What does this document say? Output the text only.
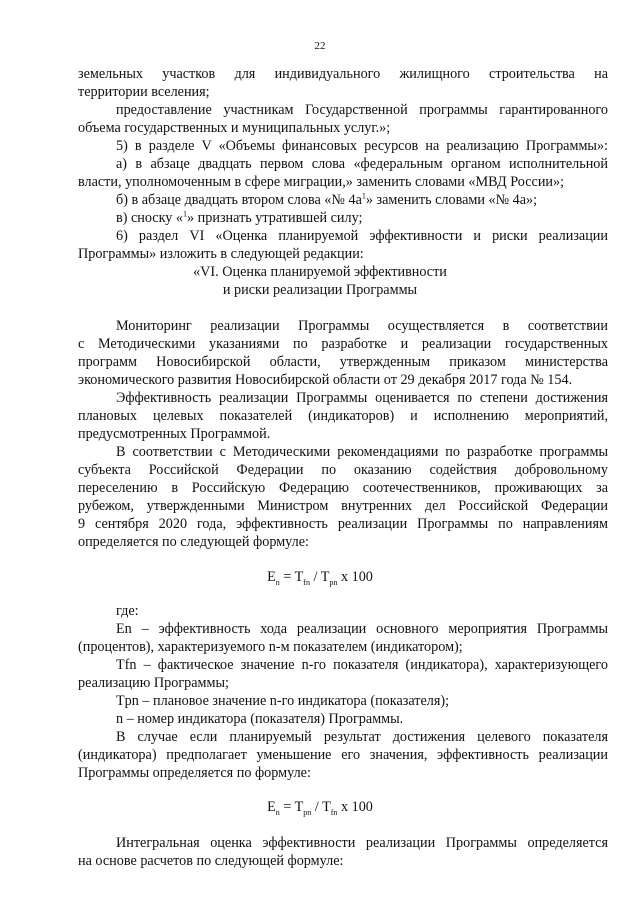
22
земельных участков для индивидуального жилищного строительства на
территории вселения;
предоставление участникам Государственной программы гарантированного
объема государственных и муниципальных услуг.»;
5) в разделе V «Объемы финансовых ресурсов на реализацию Программы»:
а) в абзаце двадцать первом слова «федеральным органом исполнительной
власти, уполномоченным в сфере миграции,» заменить словами «МВД России»;
б) в абзаце двадцать втором слова «№ $4а^1$» заменить словами «№ 4а»;
в) сноску «$^1$» признать утратившей силу;
6) раздел VI «Оценка планируемой эффективности и риски реализации
Программы» изложить в следующей редакции:
«VI. Оценка планируемой эффективности
и риски реализации Программы
Мониторинг реализации Программы осуществляется в соответствии
с Методическими указаниями по разработке и реализации государственных
программ Новосибирской области, утвержденным приказом министерства
экономического развития Новосибирской области от 29 декабря 2017 года № 154.
Эффективность реализации Программы оценивается по степени достижения
плановых целевых показателей (индикаторов) и исполнению мероприятий,
предусмотренных Программой.
В соответствии с Методическими рекомендациями по разработке программы
субъекта Российской Федерации по оказанию содействия добровольному
переселению в Российскую Федерацию соотечественников, проживающих за
рубежом, утвержденными Министром внутренних дел Российской Федерации
9 сентября 2020 года, эффективность реализации Программы по направлениям
определяется по следующей формуле:
$E_n = T_{fn} / T_{pn}$ x 100
где:
Еn – эффективность хода реализации основного мероприятия Программы
(процентов), характеризуемого n-м показателем (индикатором);
Тfn – фактическое значение n-го показателя (индикатора), характеризующего
реализацию Программы;
Тpn – плановое значение n-го индикатора (показателя);
n – номер индикатора (показателя) Программы.
В случае если планируемый результат достижения целевого показателя
(индикатора) предполагает уменьшение его значения, эффективность реализации
Программы определяется по формуле:
$E_n = T_{pn} / T_{fn}$ x 100
Интегральная оценка эффективности реализации Программы определяется
на основе расчетов по следующей формуле:
